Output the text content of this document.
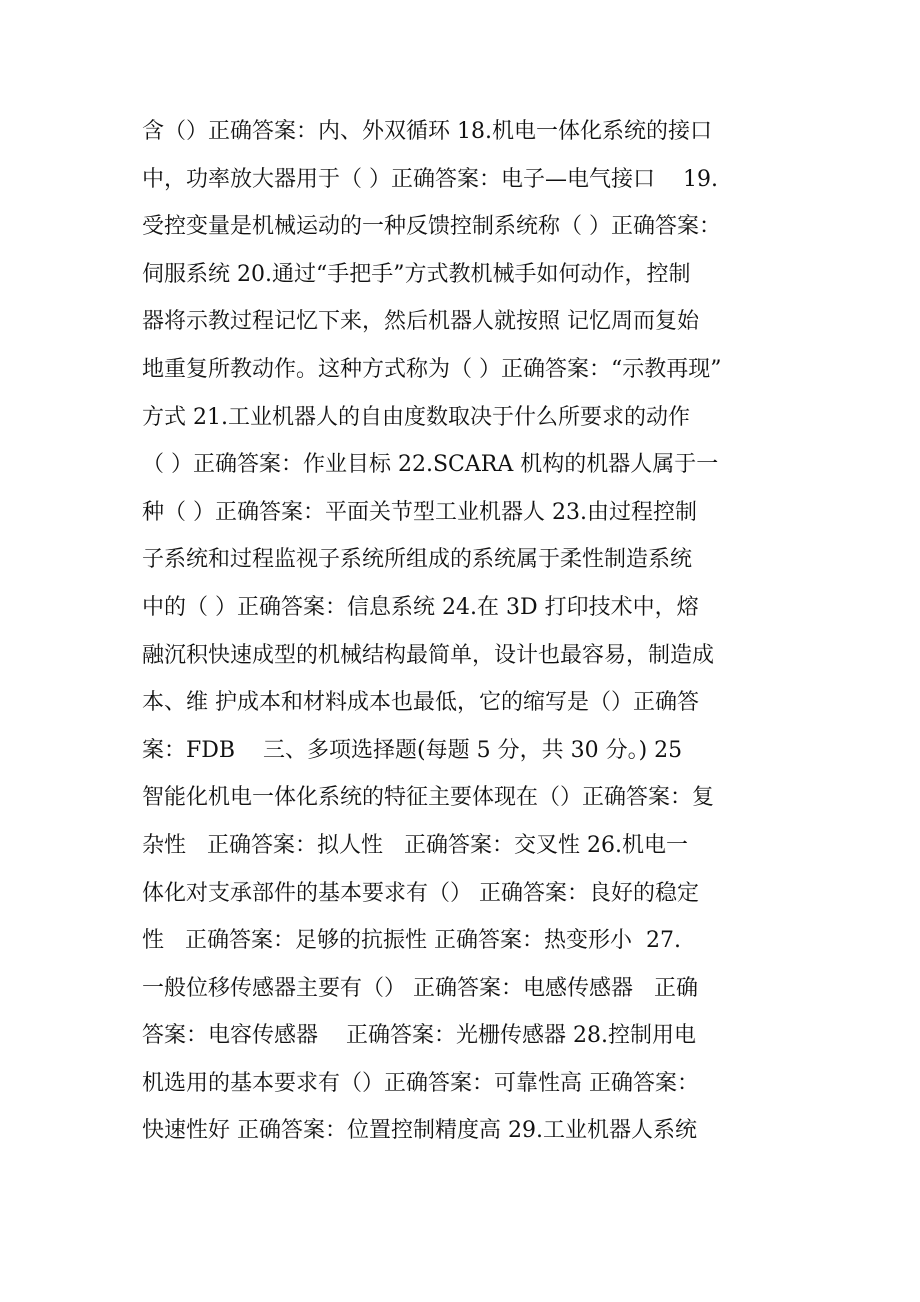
含（）正确答案：内、外双循环 18.机电一体化系统的接口
中，功率放大器用于（ ）正确答案：电子—电气接口    19.
受控变量是机械运动的一种反馈控制系统称（ ）正确答案：
伺服系统 20.通过“手把手”方式教机械手如何动作，控制
器将示教过程记忆下来，然后机器人就按照 记忆周而复始
地重复所教动作。这种方式称为（ ）正确答案：“示教再现”
方式 21.工业机器人的自由度数取决于什么所要求的动作
（ ）正确答案：作业目标 22.SCARA 机构的机器人属于一
种（ ）正确答案：平面关节型工业机器人 23.由过程控制
子系统和过程监视子系统所组成的系统属于柔性制造系统
中的（ ）正确答案：信息系统 24.在 3D 打印技术中，熔
融沉积快速成型的机械结构最简单，设计也最容易，制造成
本、维 护成本和材料成本也最低，它的缩写是（）正确答
案：FDB    三、多项选择题(每题 5 分，共 30 分。) 25
智能化机电一体化系统的特征主要体现在（）正确答案：复
杂性   正确答案：拟人性   正确答案：交叉性 26.机电一
体化对支承部件的基本要求有（） 正确答案：良好的稳定
性   正确答案：足够的抗振性 正确答案：热变形小  27.
一般位移传感器主要有（） 正确答案：电感传感器   正确
答案：电容传感器    正确答案：光栅传感器 28.控制用电
机选用的基本要求有（）正确答案：可靠性高 正确答案：
快速性好 正确答案：位置控制精度高 29.工业机器人系统
